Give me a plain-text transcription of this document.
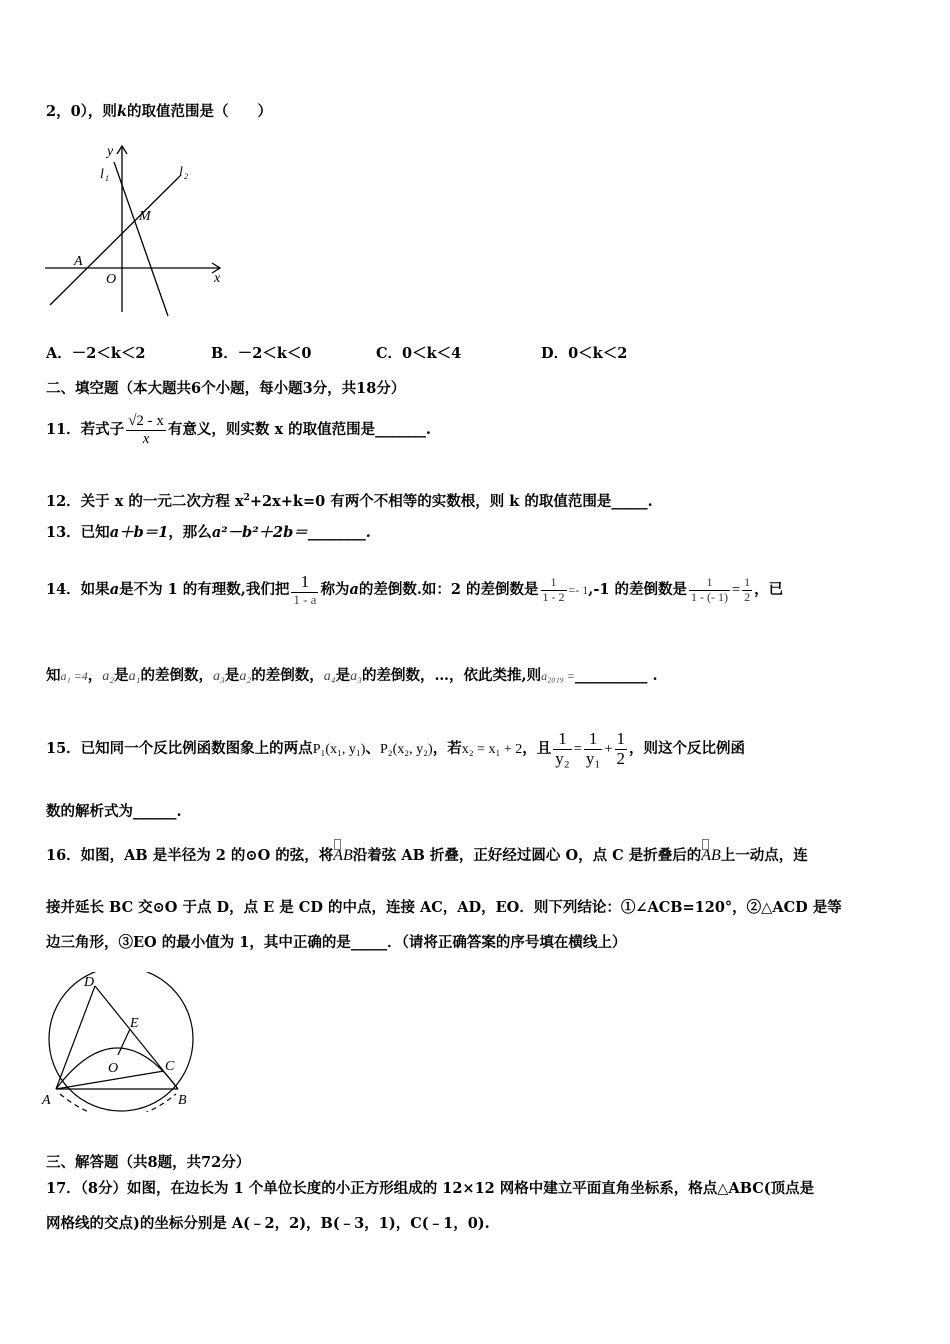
2，0），则k的取值范围是（　　）
y
x
l 1	l 2
M
A
O
A．－2＜k＜2	B．－2＜k＜0	C．0＜k＜4	D．0＜k＜2
二、填空题（本大题共6个小题，每小题3分，共18分）
11．若式子 $\frac{√2 - x}{x}$ 有意义，则实数 x 的取值范围是_______.
12．关于 x 的一元二次方程 $x^2+2x+k=0$ 有两个不相等的实数根，则 k 的取值范围是_____.
13．已知a＋b＝1，那么a²－b²＋2b＝________.
14．如果a是不为 1 的有理数,我们把 $\frac{1}{1 - a}$ 称为a的差倒数.如：2 的差倒数是 $\frac{1}{1 - 2} =- 1,-1$ 的差倒数是 $\frac{1}{1 - (- 1)} = \frac{1}{2}$ ，已
知a₁ =4，a₂是a₁的差倒数，a₃是a₂的差倒数，a₄是a₃的差倒数，…，依此类推,则a₂₀₁₉ =__________ .
15．已知同一个反比例函数图象上的两点P₁(x₁, y₁)、P₂(x₂, y₂)，若x₂ = x₁ + 2，且 $\frac{1}{\text{y₂}} = \frac{1}{\text{y₁}} + \frac{1}{2}$ ，则这个反比例函
数的解析式为______.
16．如图，AB 是半径为 2 的⊙O 的弦，将AB沿着弦 AB 折叠，正好经过圆心 O，点 C 是折叠后的AB上一动点，连
接并延长 BC 交⊙O 于点 D，点 E 是 CD 的中点，连接 AC，AD，EO．则下列结论：①∠ACB=120°，②△ACD 是等
边三角形，③EO 的最小值为 1，其中正确的是_____．（请将正确答案的序号填在横线上）
D
E
O	C
A	B
三、解答题（共8题，共72分）
17．（8分）如图，在边长为 1 个单位长度的小正方形组成的 12×12 网格中建立平面直角坐标系，格点△ABC(顶点是
网格线的交点)的坐标分别是 A(﹣2，2)，B(﹣3，1)，C(﹣1，0).
